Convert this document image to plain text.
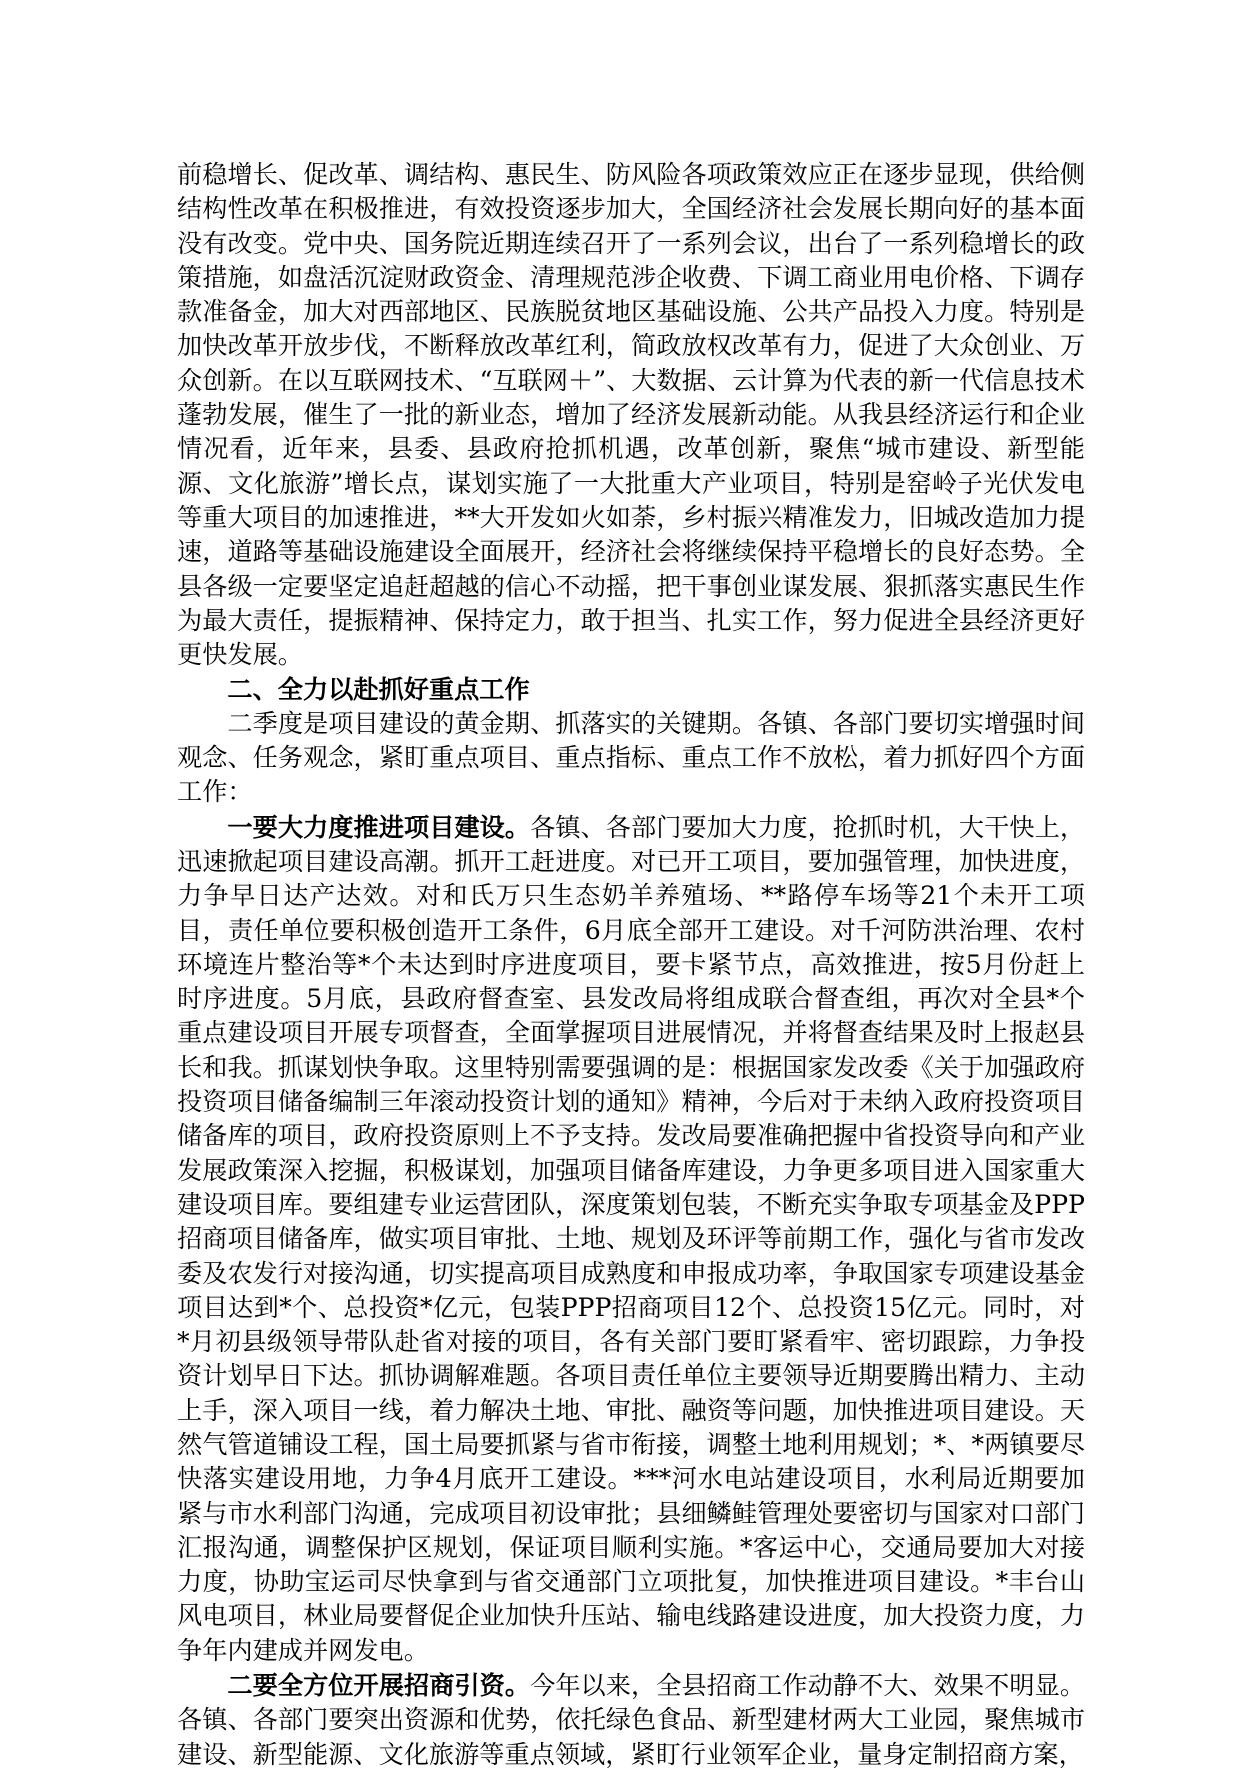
前稳增长、促改革、调结构、惠民生、防风险各项政策效应正在逐步显现，供给侧结构性改革在积极推进，有效投资逐步加大，全国经济社会发展长期向好的基本面没有改变。党中央、国务院近期连续召开了一系列会议，出台了一系列稳增长的政策措施，如盘活沉淀财政资金、清理规范涉企收费、下调工商业用电价格、下调存款准备金，加大对西部地区、民族脱贫地区基础设施、公共产品投入力度。特别是加快改革开放步伐，不断释放改革红利，简政放权改革有力，促进了大众创业、万众创新。在以互联网技术、“互联网＋”、大数据、云计算为代表的新一代信息技术蓬勃发展，催生了一批的新业态，增加了经济发展新动能。从我县经济运行和企业情况看，近年来，县委、县政府抢抓机遇，改革创新，聚焦“城市建设、新型能源、文化旅游”增长点，谋划实施了一大批重大产业项目，特别是窑岭子光伏发电等重大项目的加速推进，**大开发如火如荼，乡村振兴精准发力，旧城改造加力提速，道路等基础设施建设全面展开，经济社会将继续保持平稳增长的良好态势。全县各级一定要坚定追赶超越的信心不动摇，把干事创业谋发展、狠抓落实惠民生作为最大责任，提振精神、保持定力，敢于担当、扎实工作，努力促进全县经济更好更快发展。

二、全力以赴抓好重点工作

二季度是项目建设的黄金期、抓落实的关键期。各镇、各部门要切实增强时间观念、任务观念，紧盯重点项目、重点指标、重点工作不放松，着力抓好四个方面工作：

一要大力度推进项目建设。各镇、各部门要加大力度，抢抓时机，大干快上，迅速掀起项目建设高潮。抓开工赶进度。对已开工项目，要加强管理，加快进度，力争早日达产达效。对和氏万只生态奶羊养殖场、**路停车场等21个未开工项目，责任单位要积极创造开工条件，6月底全部开工建设。对千河防洪治理、农村环境连片整治等*个未达到时序进度项目，要卡紧节点，高效推进，按5月份赶上时序进度。5月底，县政府督查室、县发改局将组成联合督查组，再次对全县*个重点建设项目开展专项督查，全面掌握项目进展情况，并将督查结果及时上报赵县长和我。抓谋划快争取。这里特别需要强调的是：根据国家发改委《关于加强政府投资项目储备编制三年滚动投资计划的通知》精神，今后对于未纳入政府投资项目储备库的项目，政府投资原则上不予支持。发改局要准确把握中省投资导向和产业发展政策深入挖掘，积极谋划，加强项目储备库建设，力争更多项目进入国家重大建设项目库。要组建专业运营团队，深度策划包装，不断充实争取专项基金及PPP招商项目储备库，做实项目审批、土地、规划及环评等前期工作，强化与省市发改委及农发行对接沟通，切实提高项目成熟度和申报成功率，争取国家专项建设基金项目达到*个、总投资*亿元，包装PPP招商项目12个、总投资15亿元。同时，对*月初县级领导带队赴省对接的项目，各有关部门要盯紧看牢、密切跟踪，力争投资计划早日下达。抓协调解难题。各项目责任单位主要领导近期要腾出精力、主动上手，深入项目一线，着力解决土地、审批、融资等问题，加快推进项目建设。天然气管道铺设工程，国土局要抓紧与省市衔接，调整土地利用规划；*、*两镇要尽快落实建设用地，力争4月底开工建设。***河水电站建设项目，水利局近期要加紧与市水利部门沟通，完成项目初设审批；县细鳞鲑管理处要密切与国家对口部门汇报沟通，调整保护区规划，保证项目顺利实施。*客运中心，交通局要加大对接力度，协助宝运司尽快拿到与省交通部门立项批复，加快推进项目建设。*丰台山风电项目，林业局要督促企业加快升压站、输电线路建设进度，加大投资力度，力争年内建成并网发电。

二要全方位开展招商引资。今年以来，全县招商工作动静不大、效果不明显。各镇、各部门要突出资源和优势，依托绿色食品、新型建材两大工业园，聚焦城市建设、新型能源、文化旅游等重点领域，紧盯行业领军企业，量身定制招商方案，
